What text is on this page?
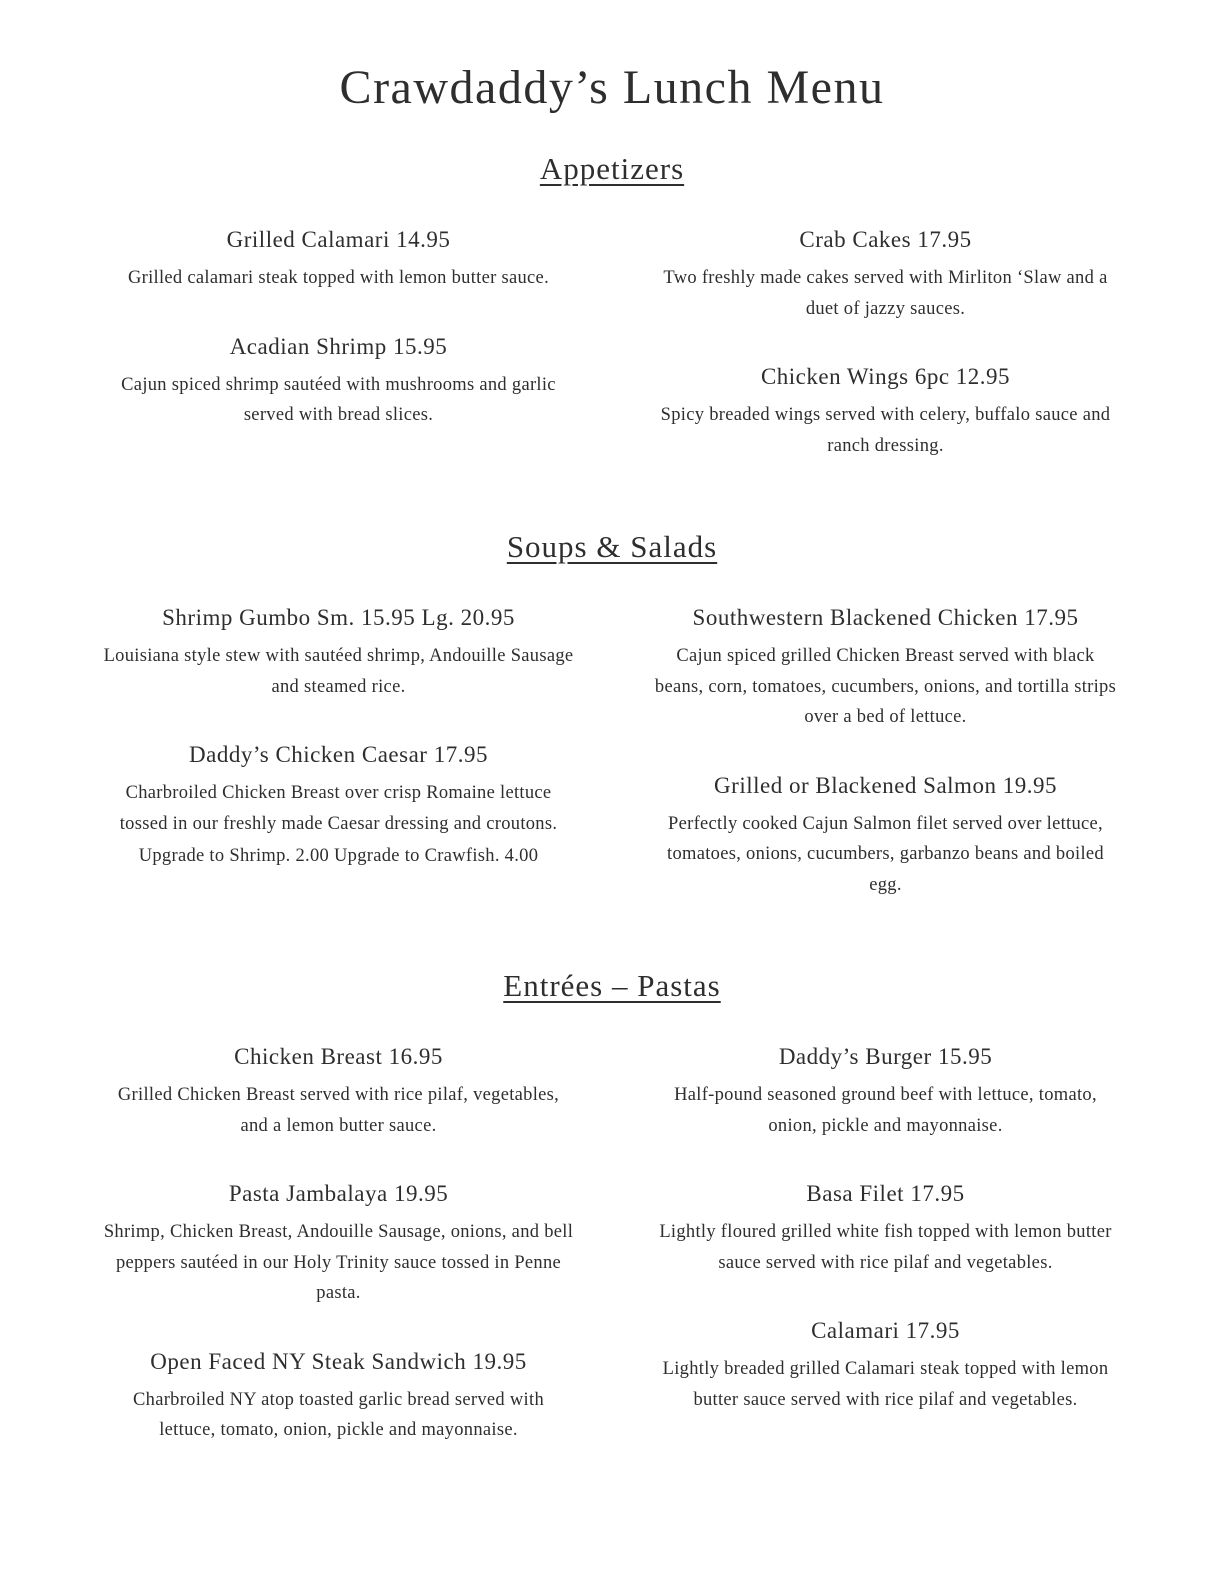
Crawdaddy’s Lunch Menu
Appetizers
Grilled Calamari 14.95
Grilled calamari steak topped with lemon butter sauce.
Acadian Shrimp 15.95
Cajun spiced shrimp sautéed with mushrooms and garlic served with bread slices.
Crab Cakes 17.95
Two freshly made cakes served with Mirliton ‘Slaw and a duet of jazzy sauces.
Chicken Wings 6pc 12.95
Spicy breaded wings served with celery, buffalo sauce and ranch dressing.
Soups & Salads
Shrimp Gumbo Sm. 15.95 Lg. 20.95
Louisiana style stew with sautéed shrimp, Andouille Sausage and steamed rice.
Daddy’s Chicken Caesar 17.95
Charbroiled Chicken Breast over crisp Romaine lettuce tossed in our freshly made Caesar dressing and croutons.
Upgrade to Shrimp. 2.00 Upgrade to Crawfish. 4.00
Southwestern Blackened Chicken 17.95
Cajun spiced grilled Chicken Breast served with black beans, corn, tomatoes, cucumbers, onions, and tortilla strips over a bed of lettuce.
Grilled or Blackened Salmon 19.95
Perfectly cooked Cajun Salmon filet served over lettuce, tomatoes, onions, cucumbers, garbanzo beans and boiled egg.
Entrées – Pastas
Chicken Breast 16.95
Grilled Chicken Breast served with rice pilaf, vegetables, and a lemon butter sauce.
Pasta Jambalaya 19.95
Shrimp, Chicken Breast, Andouille Sausage, onions, and bell peppers sautéed in our Holy Trinity sauce tossed in Penne pasta.
Open Faced NY Steak Sandwich 19.95
Charbroiled NY atop toasted garlic bread served with lettuce, tomato, onion, pickle and mayonnaise.
Daddy’s Burger 15.95
Half-pound seasoned ground beef with lettuce, tomato, onion, pickle and mayonnaise.
Basa Filet 17.95
Lightly floured grilled white fish topped with lemon butter sauce served with rice pilaf and vegetables.
Calamari 17.95
Lightly breaded grilled Calamari steak topped with lemon butter sauce served with rice pilaf and vegetables.
